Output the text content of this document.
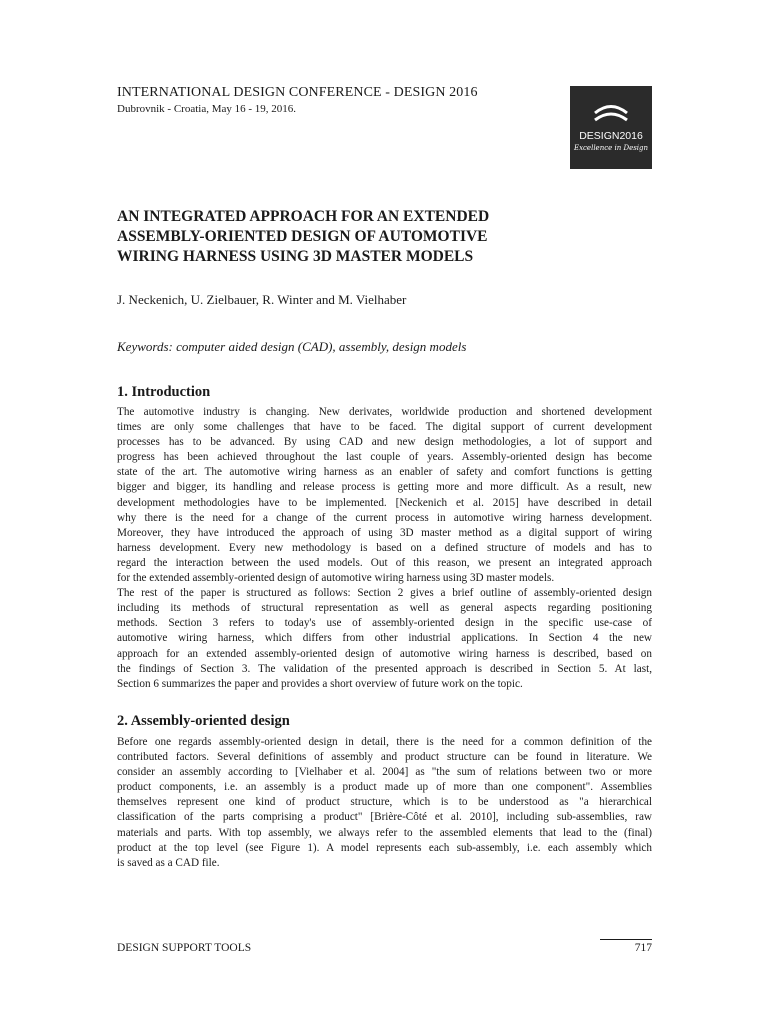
INTERNATIONAL DESIGN CONFERENCE - DESIGN 2016
Dubrovnik - Croatia, May 16 - 19, 2016.
DESIGN2016
Excellence in Design
AN INTEGRATED APPROACH FOR AN EXTENDED
ASSEMBLY-ORIENTED DESIGN OF AUTOMOTIVE
WIRING HARNESS USING 3D MASTER MODELS
J. Neckenich, U. Zielbauer, R. Winter and M. Vielhaber
Keywords: computer aided design (CAD), assembly, design models
1. Introduction
The automotive industry is changing. New derivates, worldwide production and shortened development
times are only some challenges that have to be faced. The digital support of current development
processes has to be advanced. By using CAD and new design methodologies, a lot of support and
progress has been achieved throughout the last couple of years. Assembly-oriented design has become
state of the art. The automotive wiring harness as an enabler of safety and comfort functions is getting
bigger and bigger, its handling and release process is getting more and more difficult. As a result, new
development methodologies have to be implemented. [Neckenich et al. 2015] have described in detail
why there is the need for a change of the current process in automotive wiring harness development.
Moreover, they have introduced the approach of using 3D master method as a digital support of wiring
harness development. Every new methodology is based on a defined structure of models and has to
regard the interaction between the used models. Out of this reason, we present an integrated approach
for the extended assembly-oriented design of automotive wiring harness using 3D master models.
The rest of the paper is structured as follows: Section 2 gives a brief outline of assembly-oriented design
including its methods of structural representation as well as general aspects regarding positioning
methods. Section 3 refers to today's use of assembly-oriented design in the specific use-case of
automotive wiring harness, which differs from other industrial applications. In Section 4 the new
approach for an extended assembly-oriented design of automotive wiring harness is described, based on
the findings of Section 3. The validation of the presented approach is described in Section 5. At last,
Section 6 summarizes the paper and provides a short overview of future work on the topic.
2. Assembly-oriented design
Before one regards assembly-oriented design in detail, there is the need for a common definition of the
contributed factors. Several definitions of assembly and product structure can be found in literature. We
consider an assembly according to [Vielhaber et al. 2004] as "the sum of relations between two or more
product components, i.e. an assembly is a product made up of more than one component". Assemblies
themselves represent one kind of product structure, which is to be understood as "a hierarchical
classification of the parts comprising a product" [Brière-Côté et al. 2010], including sub-assemblies, raw
materials and parts. With top assembly, we always refer to the assembled elements that lead to the (final)
product at the top level (see Figure 1). A model represents each sub-assembly, i.e. each assembly which
is saved as a CAD file.
DESIGN SUPPORT TOOLS	717
